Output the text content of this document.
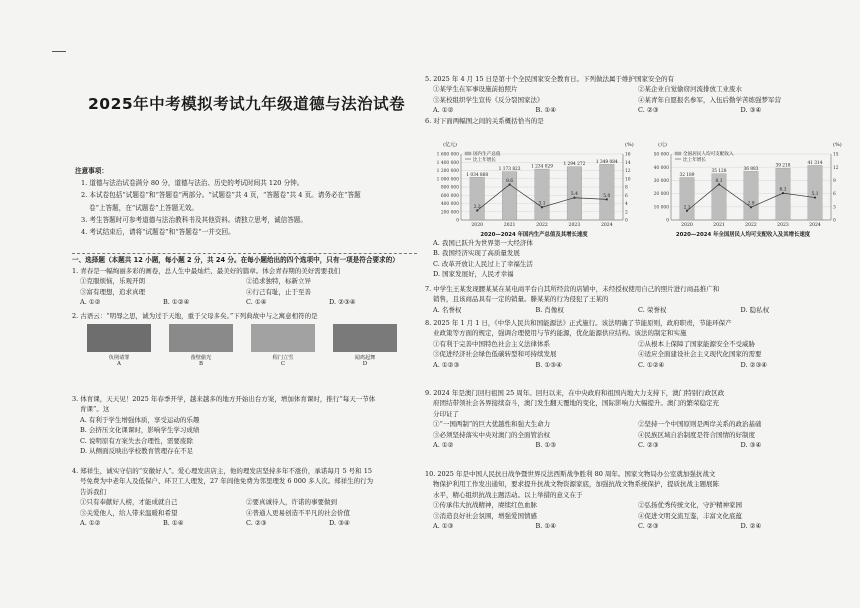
2025年中考模拟考试九年级道德与法治试卷
注意事项：

1. 道德与法治试卷满分 80 分，道德与法治、历史的考试时间共 120 分钟。

2. 本试卷包括“试题卷”和“答题卷”两部分。“试题卷”共 4 页，“答题卷”共 4 页。请务必在“答题

卷”上答题，在“试题卷”上答题无效。

3. 考生答题时可参考道德与法治教科书及其他资料。请独立思考，诚信答题。

4. 考试结束后，请将“试题卷”和“答题卷”一并交回。

一、选择题（本题共 12 小题，每小题 2 分，共 24 分。在每小题给出的四个选项中，只有一项是符合要求的）

1. 青春是一幅绚丽多彩的画卷，总人生中最灿烂、最美好的篇章。体会青春期的美好需要我们

①克服烦恼，乐观开朗	②追求独特，标新立异

③富有理想，追求真理	④行己有耻，止于至善

A. ①②	B. ①②④	C. ①④	D. ②③④

2. 古语云：“明辱之思，诚为过于天地，重于父母多矣。”下列典故中与之寓意相符的是

负荆请罪
A
凿壁偷光
B
程门立雪
C
闻鸡起舞
D

3. 体育课，天天见！2025 年春季开学，越来越多的地方开始出台方案，增加体育课时，推行“每天一节体

育课”。这

A. 有利于学生增强体质，享受运动的乐趣

B. 会挤压文化课课时，影响学生学习成绩

C. 说明原有方案失去合理性，需要废除

D. 从侧面反映出学校教育管理存在不足

4. 郑祥生，诚实守信的“安徽好人”。爱心理发店店主，他的理发店坚持多年不涨价，承诺每月 5 号和 15

号免费为中老年人及低保户、环卫工人理发，27 年间他免费为邻里理发 6 000 多人次。郑祥生的行为

告诉我们

①只有奉献好人榜，才能成就自己	②要真诚待人，许诺的事要做到

③关爱他人，给人带来温暖和希望	④普通人更易创造不平凡的社会价值

A. ①②	B. ①④	C. ②③	D. ③④

5. 2025 年 4 月 15 日是第十个全民国家安全教育日。下列做法属于维护国家安全的有

①某学生在军事设施前拍照片	②某企业自觉偷窃河流排放工业废水

③某校组织学生宣传《反分裂国家法》	④某青年自愿报名参军，入伍后勤学苦练强梦军营

A. ①②	B. ①④	C. ②③	D. ③④

6. 对下面两幅图之间的关系概括恰当的是

(亿元)	(%)
0
200 000
400 000
600 000
800 000
1 000 000
1 200 000
1 400 000
1 600 000
0
2
4
6
8
10
12
14
16
国内生产总值
比上年增长
1 034 868
2020
1 173 823
2021
1 234 029
2022
1 294 272
2023
1 349 084
2024
2.3
8.6
3.1
5.4	5.0
2020—2024 年国内生产总值及其增长速度
(元)	(%)
0
10 000
20 000
30 000
40 000
50 000
0
3
6
9
12
15
全国居民人均可支配收入
比上年增长
32 189
2020
35 128
2021
36 883
2022
39 218
2023
41 314
2024
2.1
8.1
2.9
6.1
5.1
2020—2024 年全国居民人均可支配收入及其增长速度

A. 我国已跃升为世界第一大经济体

B. 我国经济实现了高质量发展

C. 改革开放让人民过上了幸福生活

D. 国家发展好，人民才幸福

7. 中学生王某发现腰某某在某电商平台自其所经营的店铺中，未经授权使用自己的照片进行商品推广和

销售，且该商品具有一定的销量。滕某某的行为侵犯了王某的

A. 名誉权	B. 肖像权	C. 荣誉权	D. 隐私权

8. 2025 年 1 月 1 日，《中华人民共和国能源法》正式施行。该法明确了节能原则，政府职责，节能环保产

业政策等方面的规定，强调合理使用与节约能源，优化能源供应结构。该法的制定和实施

①有利于完善中国特色社会主义法律体系	②从根本上保障了国家能源安全不受威胁

③促进经济社会绿色低碳转型和可持续发展	④适应全面建设社会主义现代化国家的需要

A. ①②③	B. ①③④	C. ①②④	D. ②③④

9. 2024 年是澳门回归祖国 25 周年。回归以来，在中央政府和祖国内地大力支持下，澳门特别行政区政

府团结带领社会各界接续奋斗，澳门发生翻天覆地的变化，国际影响力大幅提升。澳门的繁荣稳定充

分印证了

①“一国两制”的巨大优越性和强大生命力	②坚持一个中国原则是两岸关系的政治基础

③必须坚持落实中央对澳门的全面管治权	④民族区域自治制度是符合国情的好制度

A. ①②	B. ①③	C. ②③	D. ③④

10. 2025 年是中国人民抗日战争暨世界反法西斯战争胜利 80 周年。国家文物局办公室就加强抗战文

物保护利用工作发出通知，要求提升抗战文物资源家底，加强抗战文物系统保护，提质抗战主题展陈

水平，精心组织抗战主题活动。以上举措的意义在于

①传承伟大抗战精神，赓续红色血脉	②弘扬优秀传统文化，守护精神家园

③消造良好社会氛围，增强爱国情感	④促进文明交流互鉴，丰富文化底蕴

A. ①③	B. ①④	C. ②③	D. ②④
